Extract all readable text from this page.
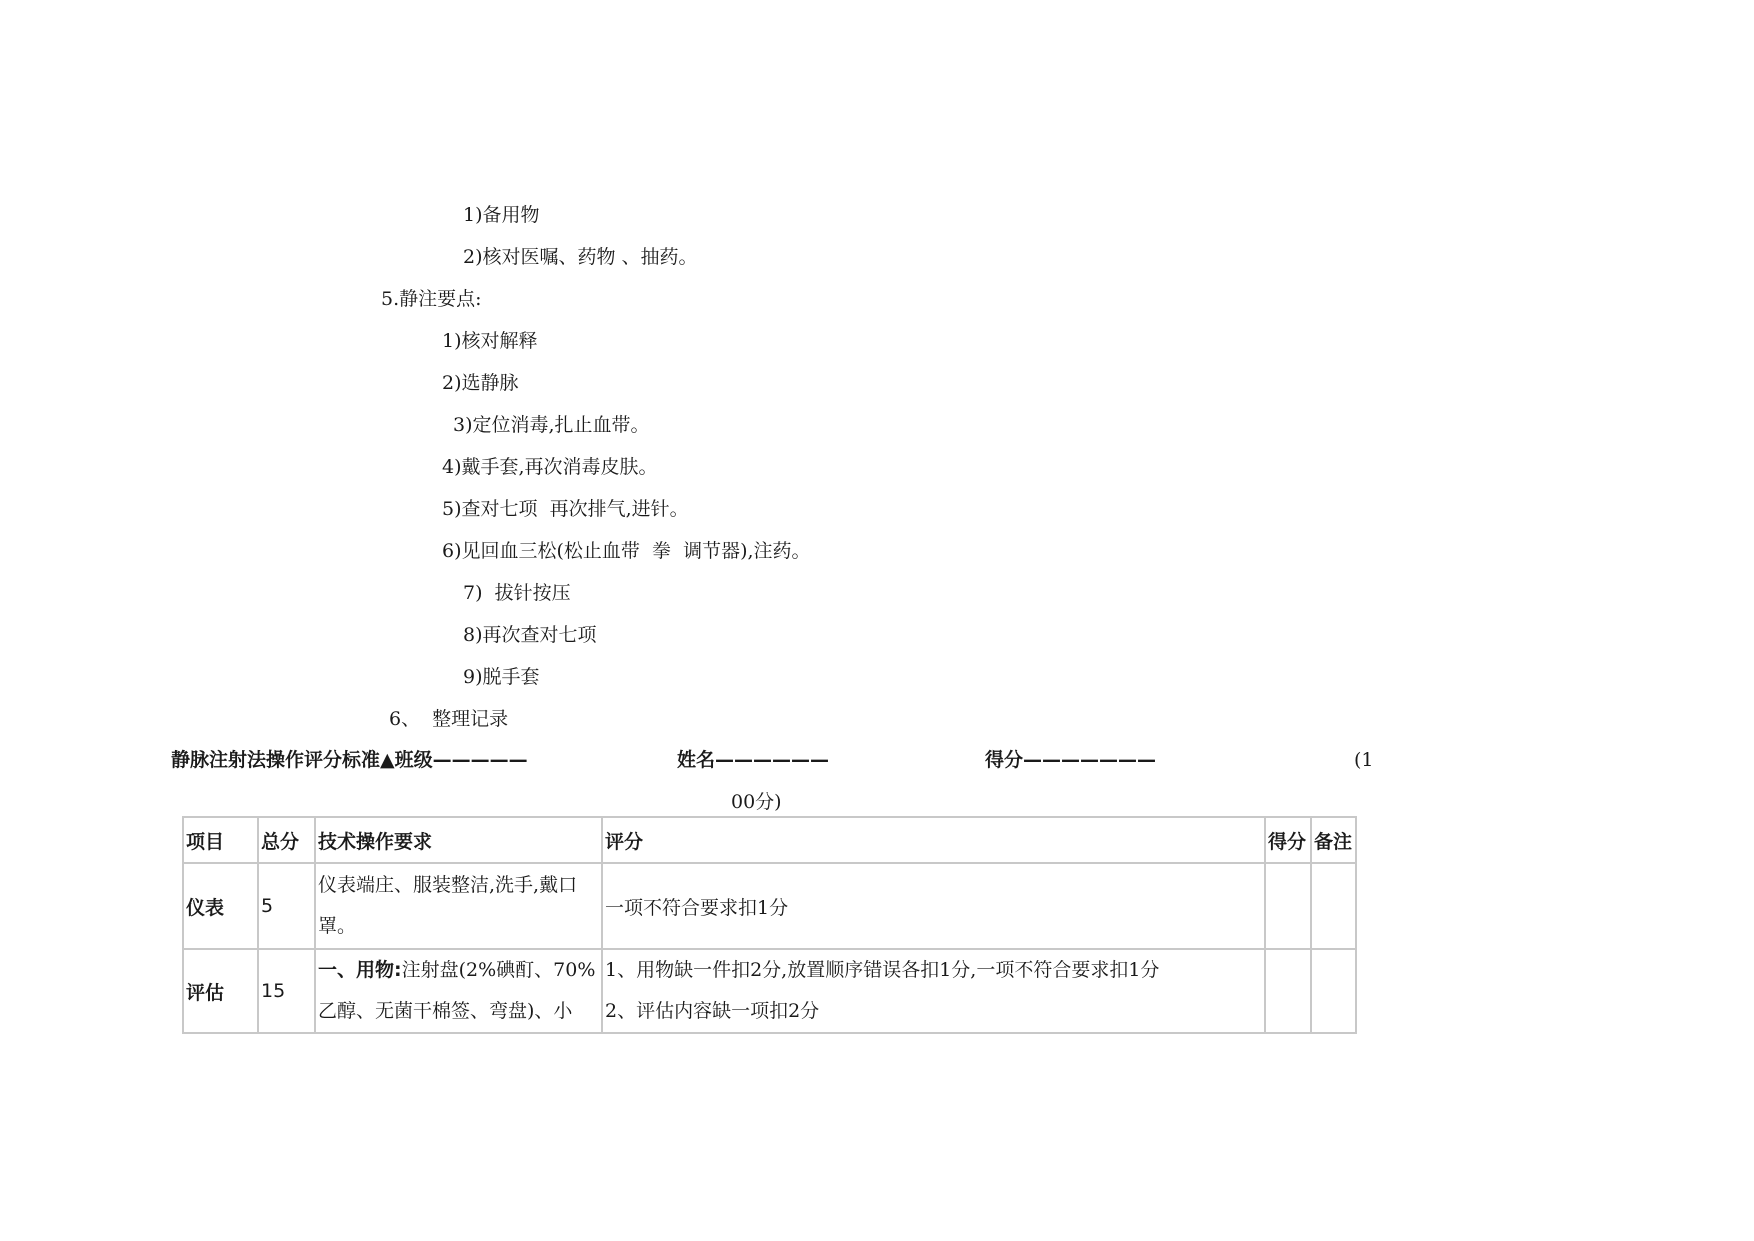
1)备用物
2)核对医嘱、药物 、抽药。
5.静注要点:
1)核对解释
2)选静脉
3)定位消毒,扎止血带。
4)戴手套,再次消毒皮肤。
5)查对七项  再次排气,进针。
6)见回血三松(松止血带  拳  调节器),注药。
7)  拔针按压
8)再次查对七项
9)脱手套
6、  整理记录
静脉注射法操作评分标准▲班级—————	姓名——————	得分———————	(1
00分)
项目	总分	技术操作要求	评分	得分	备注
仪表	5	仪表端庄、服装整洁,洗手,戴口罩。	一项不符合要求扣1分		
评估	15	一、用物:注射盘(2%碘酊、70%乙醇、无菌干棉签、弯盘)、小	1、用物缺一件扣2分,放置顺序错误各扣1分,一项不符合要求扣1分
2、评估内容缺一项扣2分		
